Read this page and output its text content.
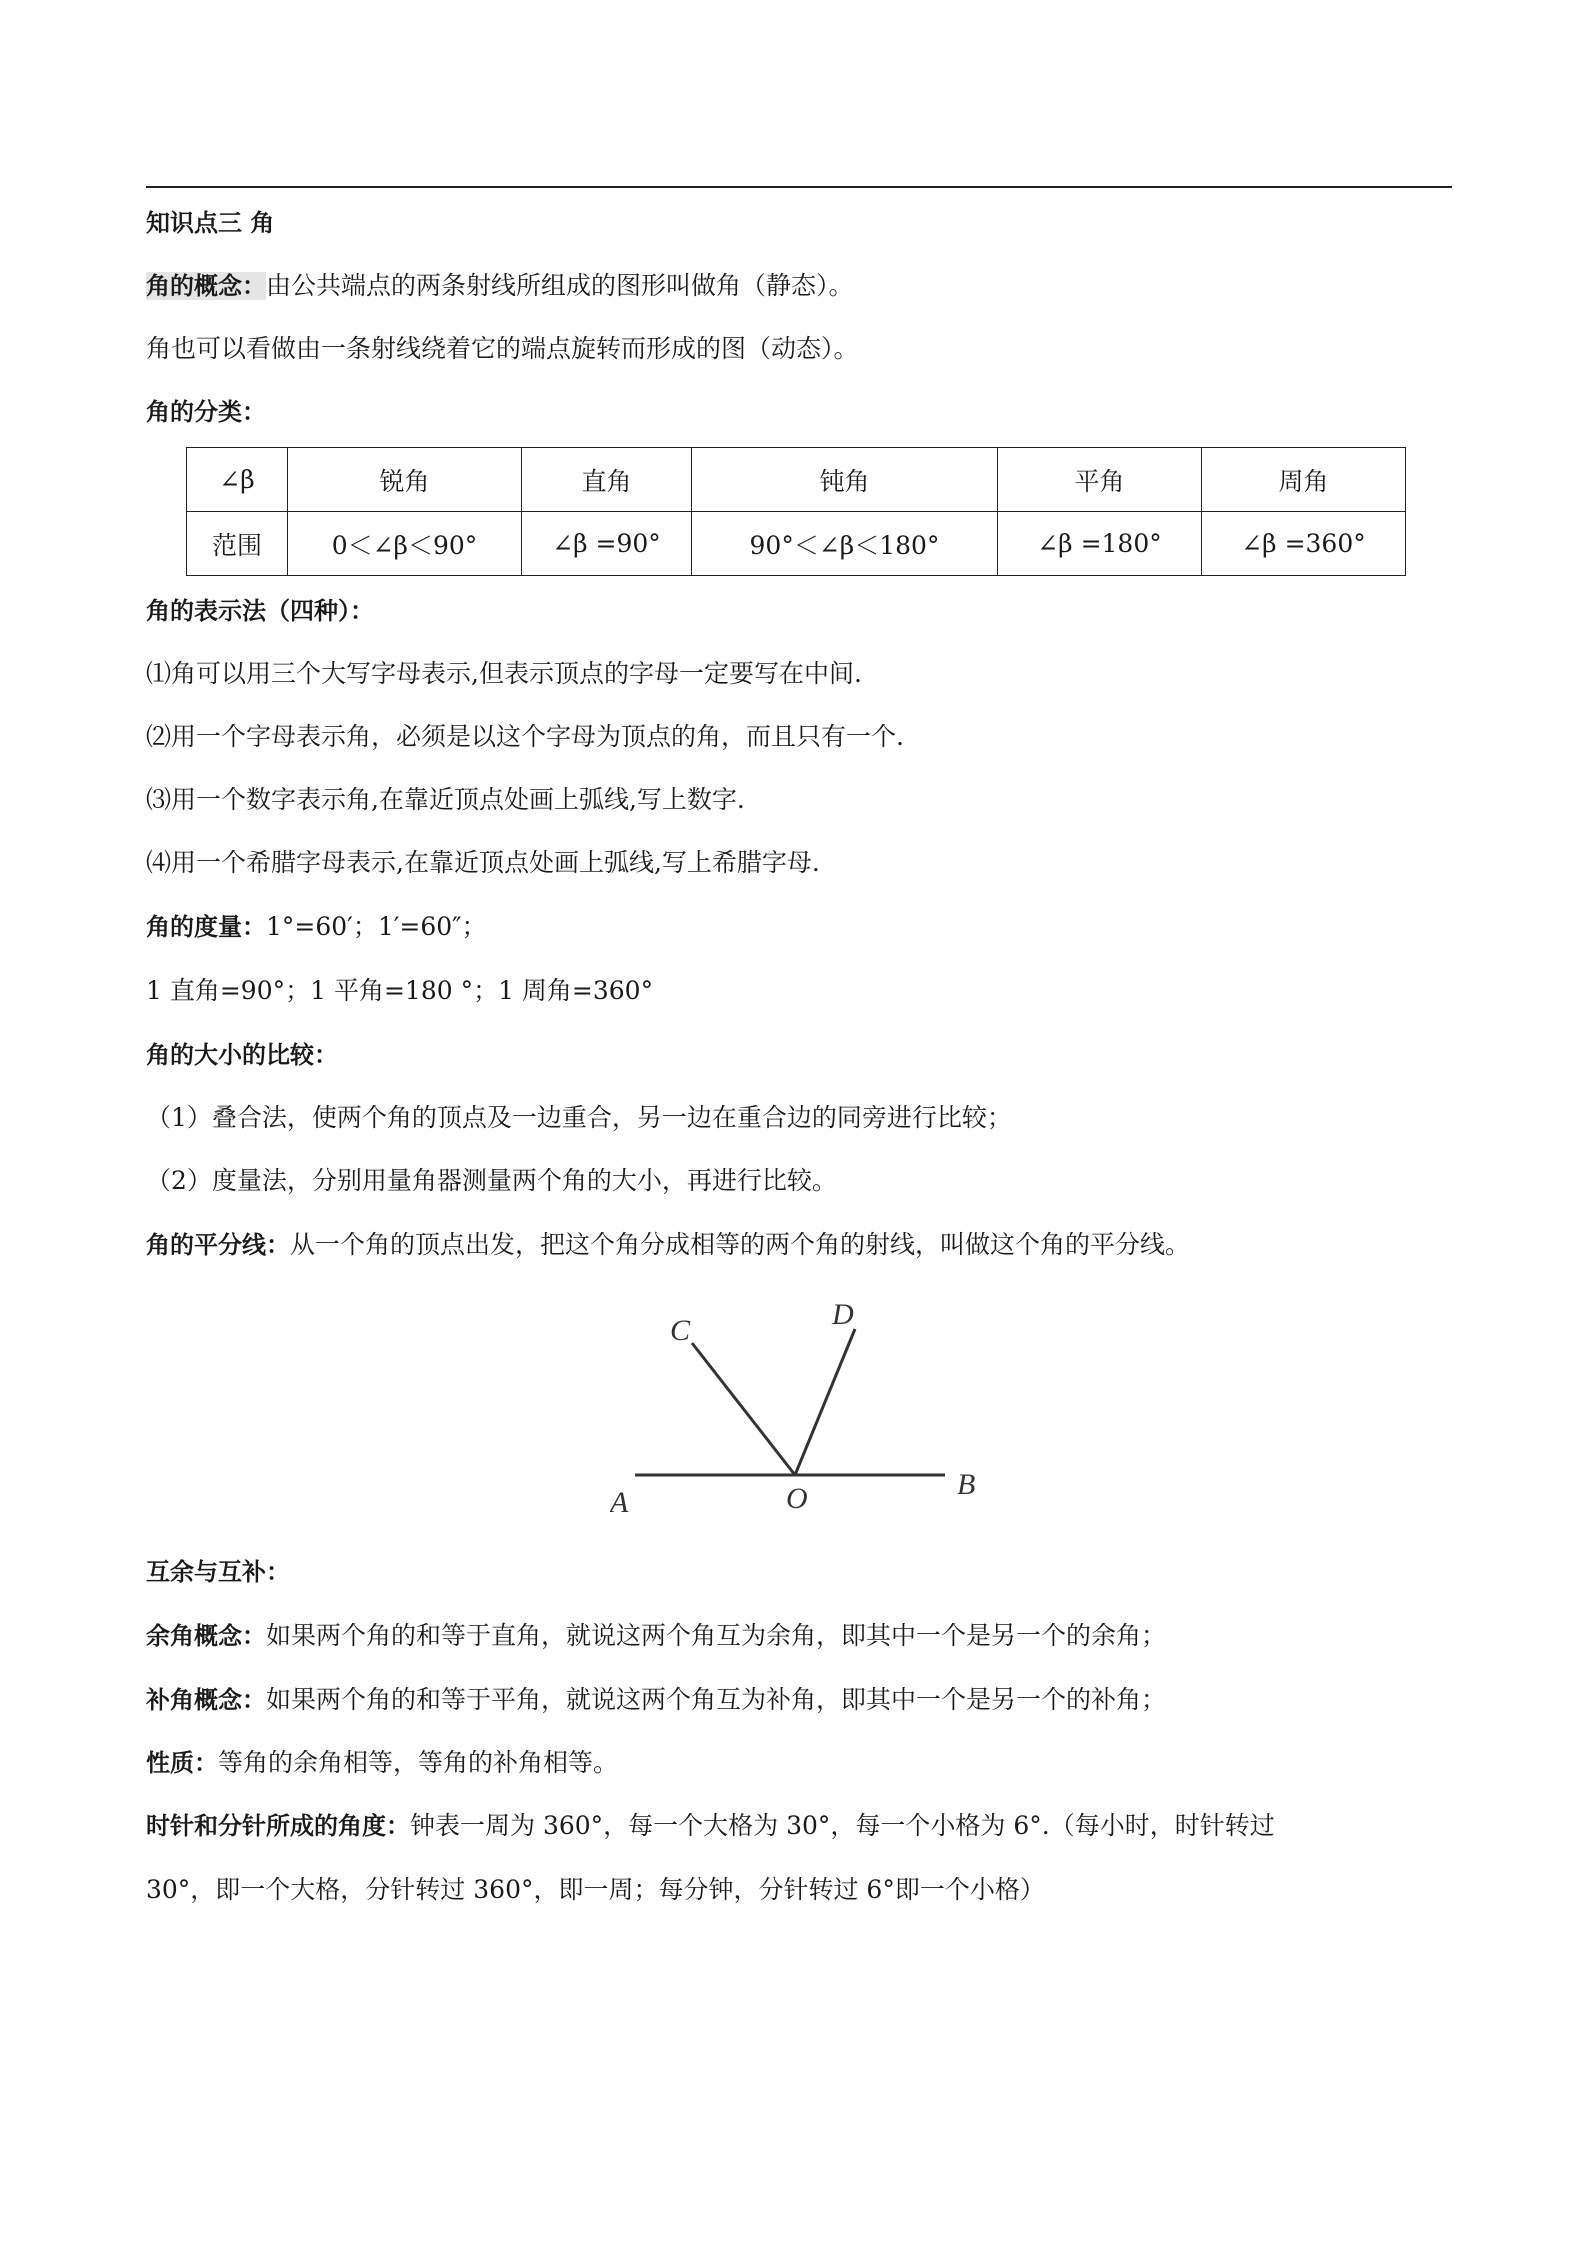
知识点三 角
角的概念：由公共端点的两条射线所组成的图形叫做角（静态）。
角也可以看做由一条射线绕着它的端点旋转而形成的图（动态）。
角的分类：
∠β	锐角	直角	钝角	平角	周角
范围	0＜∠β＜90°	∠β =90°	90°＜∠β＜180°	∠β =180°	∠β =360°
角的表示法（四种）：
⑴角可以用三个大写字母表示,但表示顶点的字母一定要写在中间.
⑵用一个字母表示角，必须是以这个字母为顶点的角，而且只有一个.
⑶用一个数字表示角,在靠近顶点处画上弧线,写上数字.
⑷用一个希腊字母表示,在靠近顶点处画上弧线,写上希腊字母.
角的度量：1°=60′；1′=60″；
1 直角=90°；1 平角=180 °；1 周角=360°
角的大小的比较：
（1）叠合法，使两个角的顶点及一边重合，另一边在重合边的同旁进行比较；
（2）度量法，分别用量角器测量两个角的大小，再进行比较。
角的平分线：从一个角的顶点出发，把这个角分成相等的两个角的射线，叫做这个角的平分线。
C	D
A	O	B
互余与互补：
余角概念：如果两个角的和等于直角，就说这两个角互为余角，即其中一个是另一个的余角；
补角概念：如果两个角的和等于平角，就说这两个角互为补角，即其中一个是另一个的补角；
性质：等角的余角相等，等角的补角相等。
时针和分针所成的角度：钟表一周为 360°，每一个大格为 30°，每一个小格为 6°.（每小时，时针转过
30°，即一个大格，分针转过 360°，即一周；每分钟，分针转过 6°即一个小格）
